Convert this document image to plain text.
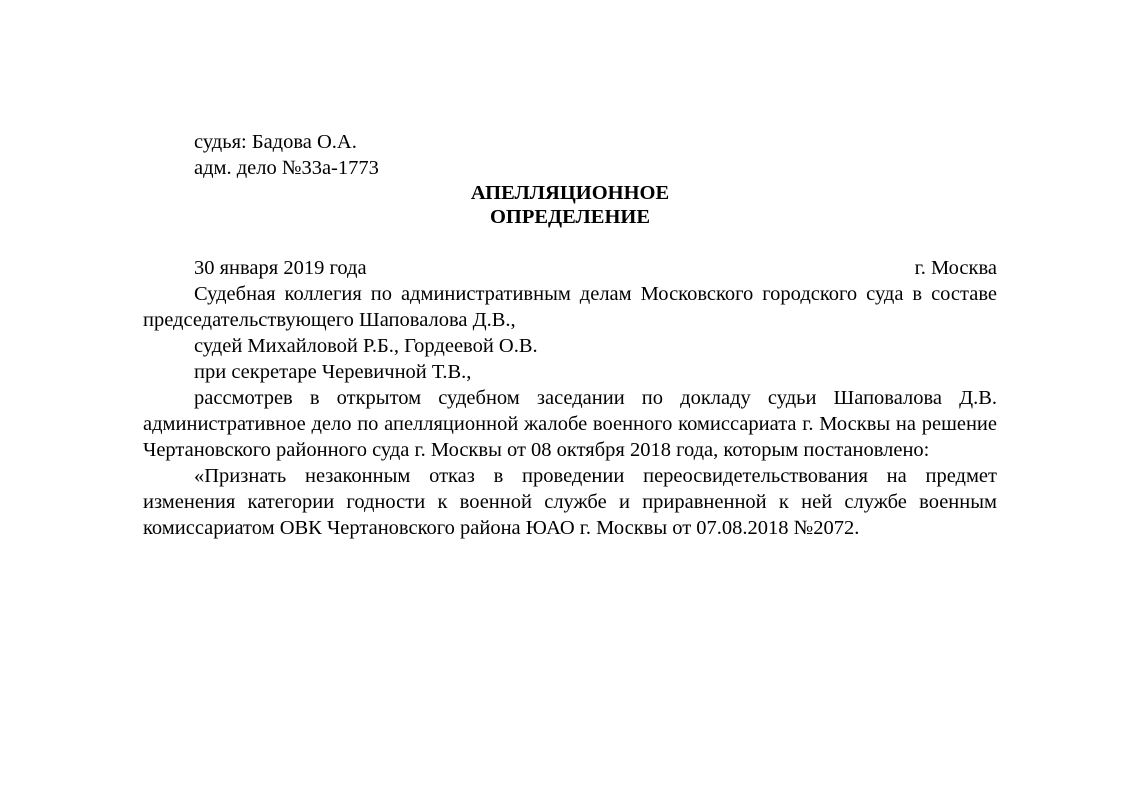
судья: Бадова О.А.
адм. дело №33а-1773
АПЕЛЛЯЦИОННОЕ
ОПРЕДЕЛЕНИЕ
30 января 2019 года	г. Москва
Судебная коллегия по административным делам Московского городского суда в составе председательствующего Шаповалова Д.В.,
судей Михайловой Р.Б., Гордеевой О.В.
при секретаре Черевичной Т.В.,
рассмотрев в открытом судебном заседании по докладу судьи Шаповалова Д.В. административное дело по апелляционной жалобе военного комиссариата г. Москвы на решение Чертановского районного суда г. Москвы от 08 октября 2018 года, которым постановлено:
«Признать незаконным отказ в проведении переосвидетельствования на предмет изменения категории годности к военной службе и приравненной к ней службе военным комиссариатом ОВК Чертановского района ЮАО г. Москвы от 07.08.2018 №2072.
